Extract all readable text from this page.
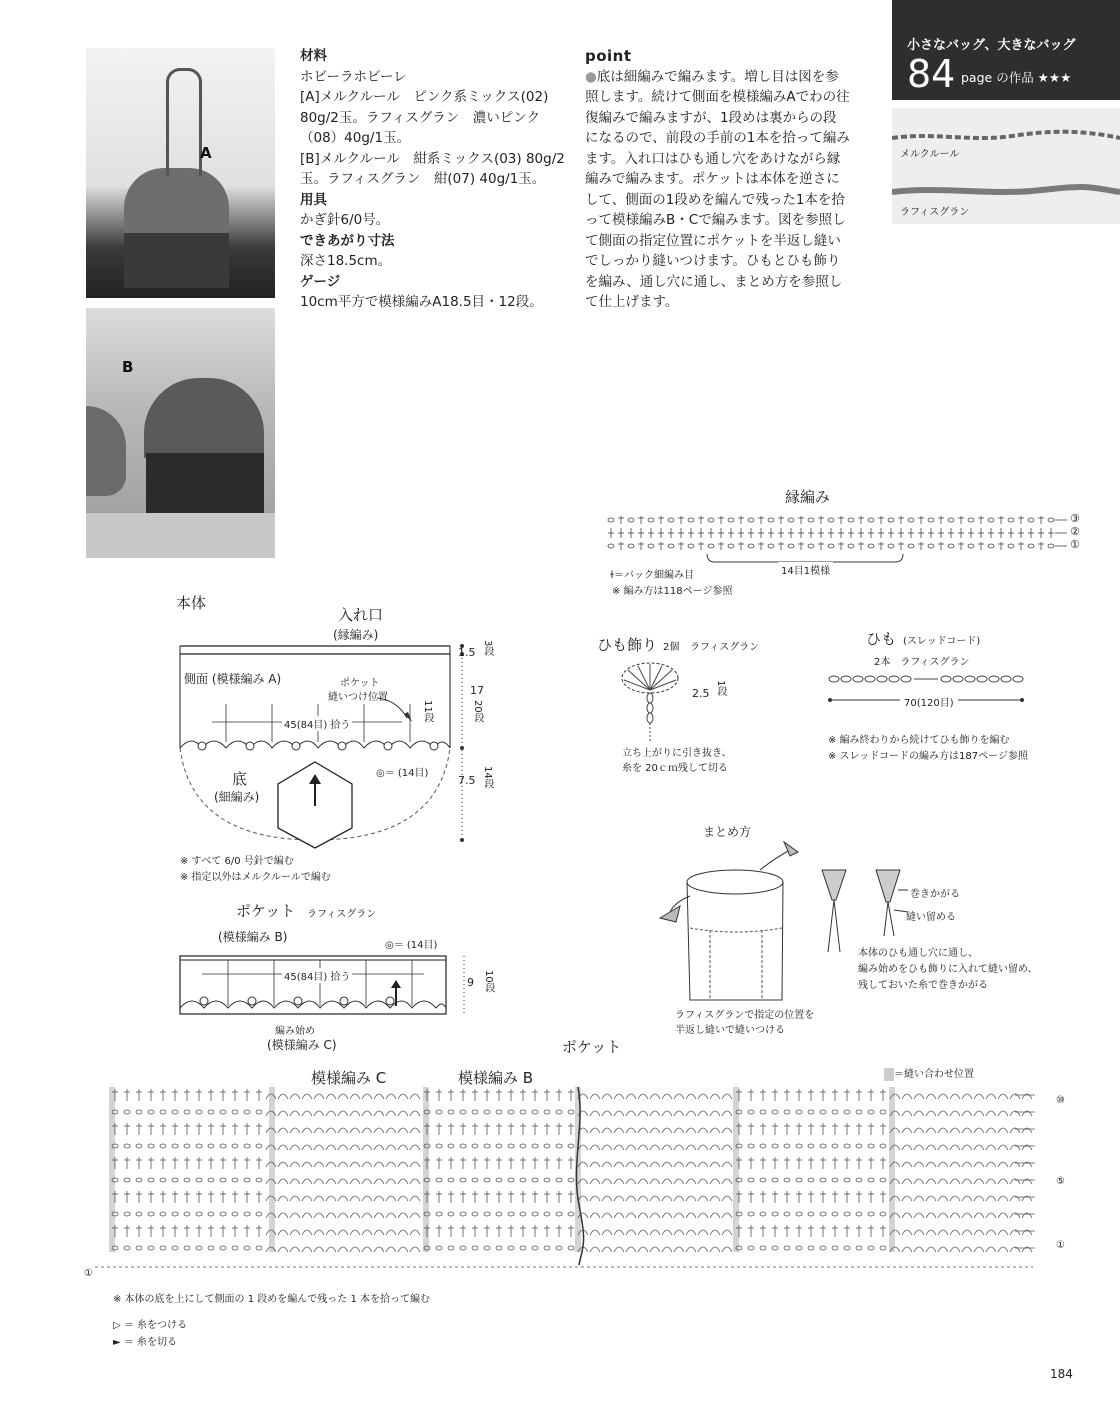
A
B
材料
ホビーラホビーレ
[A]メルクルール　ピンク系ミックス(02) 80g/2玉。ラフィスグラン　濃いピンク（08）40g/1玉。
[B]メルクルール　紺系ミックス(03) 80g/2玉。ラフィスグラン　紺(07) 40g/1玉。
用具
かぎ針6/0号。
できあがり寸法
深さ18.5cm。
ゲージ
10cm平方で模様編みA18.5目・12段。
point
●底は細編みで編みます。増し目は図を参照します。続けて側面を模様編みAでわの往復編みで編みますが、1段めは裏からの段になるので、前段の手前の1本を拾って編みます。入れ口はひも通し穴をあけながら縁編みで編みます。ポケットは本体を逆さにして、側面の1段めを編んで残った1本を拾って模様編みB・Cで編みます。図を参照して側面の指定位置にポケットを半返し縫いでしっかり縫いつけます。ひもとひも飾りを編み、通し穴に通し、まとめ方を参照して仕上げます。
小さなバッグ、大きなバッグ
84 page の作品 ★★★
メルクルール
ラフィスグラン
縁編み
③
②
①
14目1模様
ɫ＝バック細編み目
※ 編み方は118ページ参照
本体
入れ口
(縁編み)
側面 (模様編み A)	ポケット
縫いつけ位置
45(84目) 拾う
底
(細編み)
◎＝ (14目)
1.5 3段
17
20段
11段
7.5 14段
※ すべて 6/0 号針で編む
※ 指定以外はメルクルールで編む
ひも飾り 2個 ラフィスグラン
2.5 1段
立ち上がりに引き抜き、
糸を 20ｃｍ残して切る
ひも (スレッドコード)
2本　ラフィスグラン
70(120目)
※ 編み終わりから続けてひも飾りを編む
※ スレッドコードの編み方は187ページ参照
まとめ方
巻きかがる
縫い留める
本体のひも通し穴に通し、
編み始めをひも飾りに入れて縫い留め、
残しておいた糸で巻きかがる
ラフィスグランで指定の位置を
半返し縫いで縫いつける
ポケット ラフィスグラン
(模様編み B)
◎＝ (14目)
45(84目) 拾う	9 10段
編み始め
(模様編み C)	ポケット
模様編み C	模様編み B	＝縫い合わせ位置
⑩
⑤
①
①
※ 本体の底を上にして側面の 1 段めを編んで残った 1 本を拾って編む
▷ ＝ 糸をつける
► ＝ 糸を切る
184
